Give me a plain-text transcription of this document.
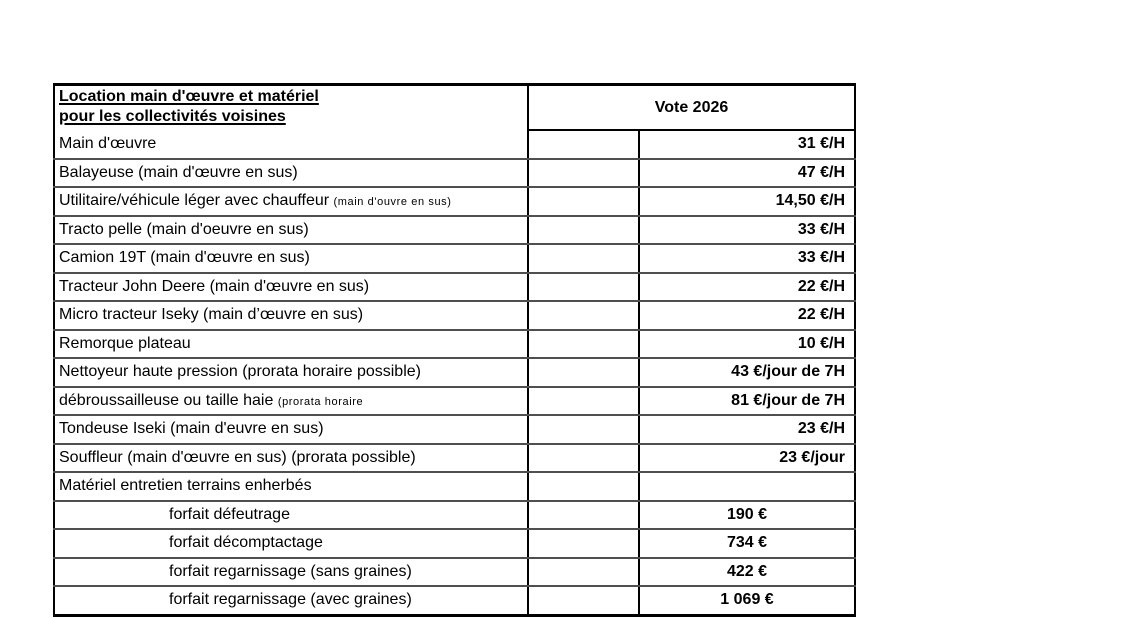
Location main d'œuvre et matériel
pour les collectivités voisines	Vote 2026	
Main d'œuvre		31 €/H
Balayeuse (main d'œuvre en sus)		47 €/H
Utilitaire/véhicule léger avec chauffeur (main d'ouvre en sus)		14,50 €/H
Tracto pelle (main d'oeuvre en sus)		33 €/H
Camion 19T (main d'œuvre en sus)		33 €/H
Tracteur John Deere (main d'œuvre en sus)		22 €/H
Micro tracteur Iseky (main d’œuvre en sus)		22 €/H
Remorque plateau		10 €/H
Nettoyeur haute pression (prorata horaire possible)		43 €/jour de 7H
débroussailleuse ou taille haie (prorata horaire		81 €/jour de 7H
Tondeuse Iseki (main d'euvre en sus)		23 €/H
Souffleur (main d'œuvre en sus) (prorata possible)		23 €/jour
Matériel entretien terrains enherbés		
forfait défeutrage		190 €
forfait décomptactage		734 €
forfait regarnissage (sans graines)		422 €
forfait regarnissage (avec graines)		1 069 €
